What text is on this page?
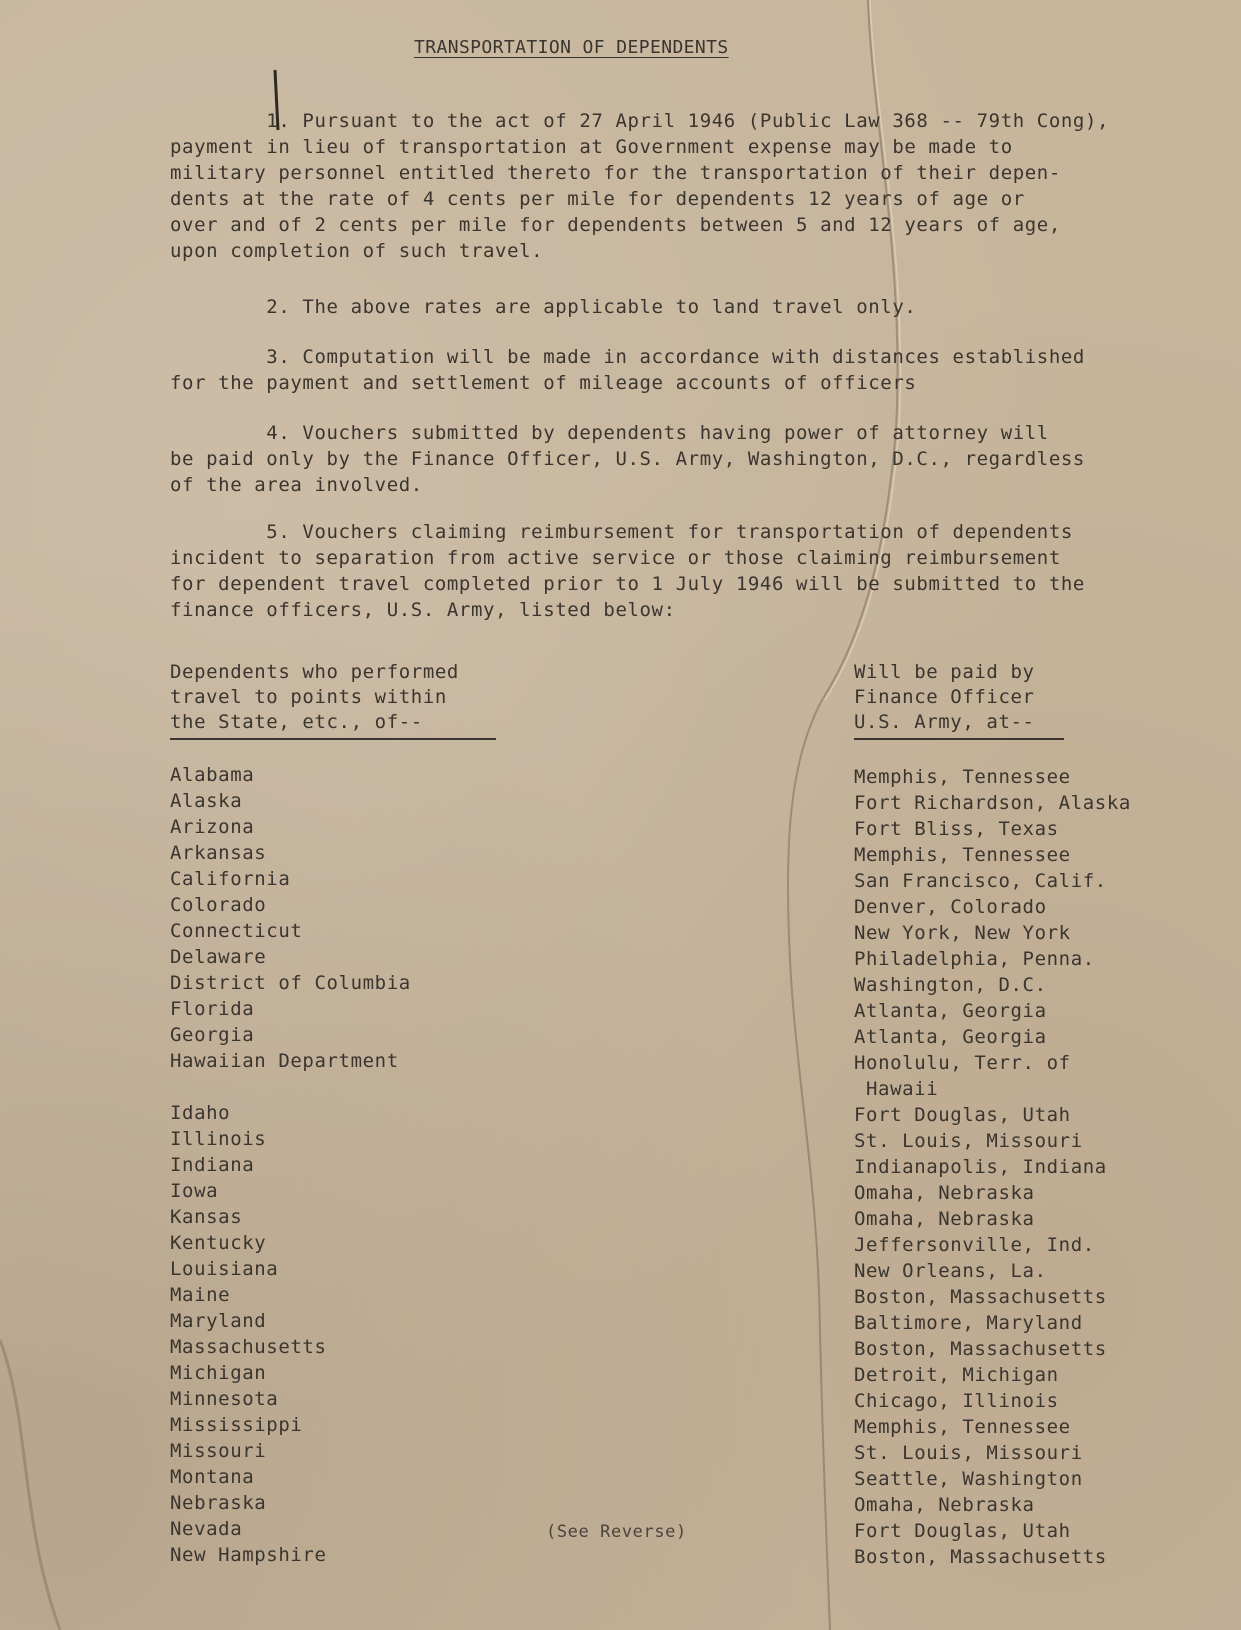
TRANSPORTATION OF DEPENDENTS

1. Pursuant to the act of 27 April 1946 (Public Law 368 -- 79th Cong),
payment in lieu of transportation at Government expense may be made to
military personnel entitled thereto for the transportation of their depen-
dents at the rate of 4 cents per mile for dependents 12 years of age or
over and of 2 cents per mile for dependents between 5 and 12 years of age,
upon completion of such travel.

2. The above rates are applicable to land travel only.

3. Computation will be made in accordance with distances established
for the payment and settlement of mileage accounts of officers

4. Vouchers submitted by dependents having power of attorney will
be paid only by the Finance Officer, U.S. Army, Washington, D.C., regardless
of the area involved.

5. Vouchers claiming reimbursement for transportation of dependents
incident to separation from active service or those claiming reimbursement
for dependent travel completed prior to 1 July 1946 will be submitted to the
finance officers, U.S. Army, listed below:

Dependents who performed
travel to points within
the State, etc., of--
Will be paid by
Finance Officer
U.S. Army, at--
Alabama
Alaska
Arizona
Arkansas
California
Colorado
Connecticut
Delaware
District of Columbia
Florida
Georgia
Hawaiian Department
Idaho
Illinois
Indiana
Iowa
Kansas
Kentucky
Louisiana
Maine
Maryland
Massachusetts
Michigan
Minnesota
Mississippi
Missouri
Montana
Nebraska
Nevada
New Hampshire
Memphis, Tennessee
Fort Richardson, Alaska
Fort Bliss, Texas
Memphis, Tennessee
San Francisco, Calif.
Denver, Colorado
New York, New York
Philadelphia, Penna.
Washington, D.C.
Atlanta, Georgia
Atlanta, Georgia
Honolulu, Terr. of
Hawaii
Fort Douglas, Utah
St. Louis, Missouri
Indianapolis, Indiana
Omaha, Nebraska
Omaha, Nebraska
Jeffersonville, Ind.
New Orleans, La.
Boston, Massachusetts
Baltimore, Maryland
Boston, Massachusetts
Detroit, Michigan
Chicago, Illinois
Memphis, Tennessee
St. Louis, Missouri
Seattle, Washington
Omaha, Nebraska
Fort Douglas, Utah
Boston, Massachusetts
(See Reverse)
